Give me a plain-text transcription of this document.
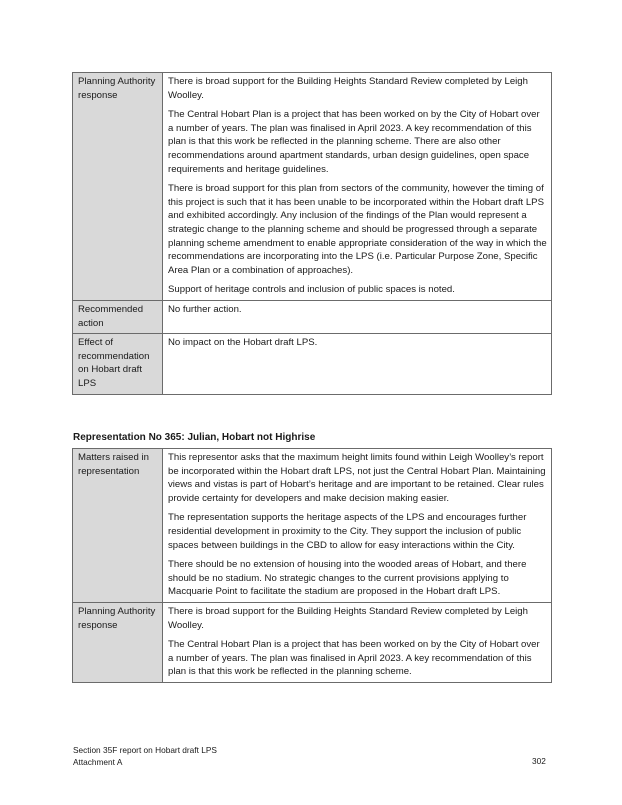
Planning Authority response	There is broad support for the Building Heights Standard Review completed by Leigh Woolley.

The Central Hobart Plan is a project that has been worked on by the City of Hobart over a number of years. The plan was finalised in April 2023. A key recommendation of this plan is that this work be reflected in the planning scheme. There are also other recommendations around apartment standards, urban design guidelines, open space requirements and heritage guidelines.

There is broad support for this plan from sectors of the community, however the timing of this project is such that it has been unable to be incorporated within the Hobart draft LPS and exhibited accordingly. Any inclusion of the findings of the Plan would represent a strategic change to the planning scheme and should be progressed through a separate planning scheme amendment to enable appropriate consideration of the way in which the recommendations are incorporating into the LPS (i.e. Particular Purpose Zone, Specific Area Plan or a combination of approaches).

Support of heritage controls and inclusion of public spaces is noted.

Recommended action	No further action.

Effect of recommendation on Hobart draft LPS	No impact on the Hobart draft LPS.

Representation No 365: Julian, Hobart not Highrise
Matters raised in representation	This representor asks that the maximum height limits found within Leigh Woolley’s report be incorporated within the Hobart draft LPS, not just the Central Hobart Plan. Maintaining views and vistas is part of Hobart’s heritage and are important to be retained. Clear rules provide certainty for developers and make decision making easier.

The representation supports the heritage aspects of the LPS and encourages further residential development in proximity to the City. They support the inclusion of public spaces between buildings in the CBD to allow for easy interactions within the City.

There should be no extension of housing into the wooded areas of Hobart, and there should be no stadium. No strategic changes to the current provisions applying to Macquarie Point to facilitate the stadium are proposed in the Hobart draft LPS.

Planning Authority response	There is broad support for the Building Heights Standard Review completed by Leigh Woolley.

The Central Hobart Plan is a project that has been worked on by the City of Hobart over a number of years. The plan was finalised in April 2023. A key recommendation of this plan is that this work be reflected in the planning scheme.

Section 35F report on Hobart draft LPS
Attachment A	302
